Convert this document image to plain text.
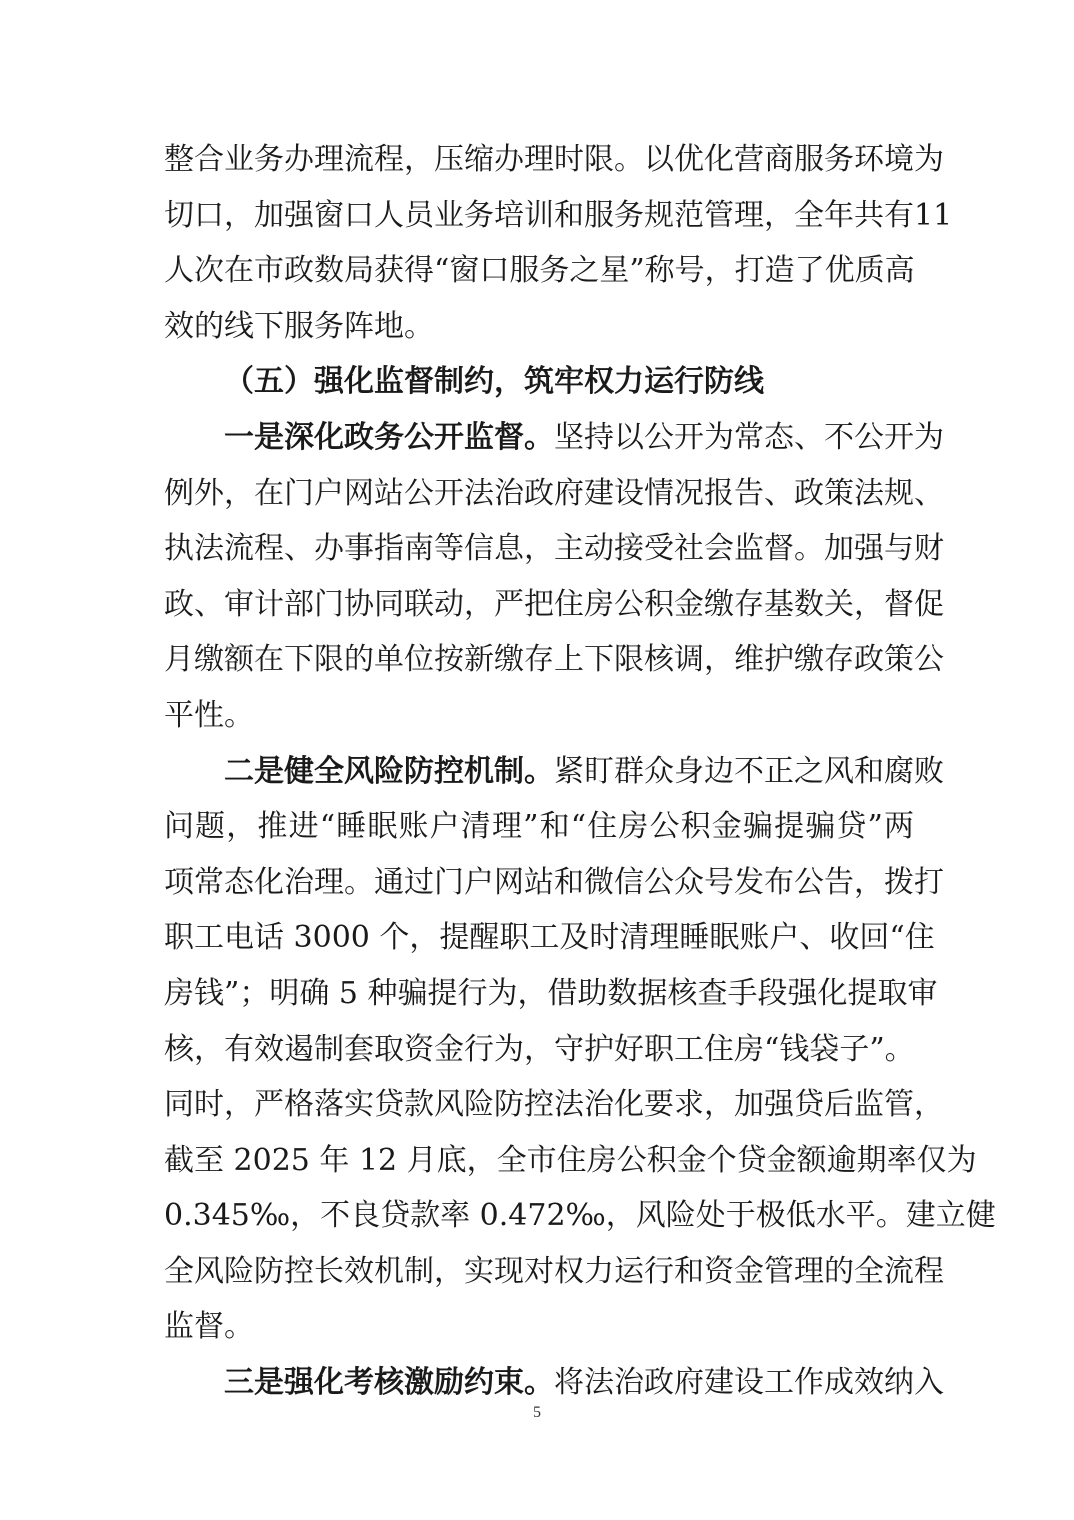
整合业务办理流程，压缩办理时限。以优化营商服务环境为
切口，加强窗口人员业务培训和服务规范管理，全年共有11
人次在市政数局获得“窗口服务之星”称号，打造了优质高
效的线下服务阵地。
（五）强化监督制约，筑牢权力运行防线
一是深化政务公开监督。坚持以公开为常态、不公开为
例外，在门户网站公开法治政府建设情况报告、政策法规、
执法流程、办事指南等信息，主动接受社会监督。加强与财
政、审计部门协同联动，严把住房公积金缴存基数关，督促
月缴额在下限的单位按新缴存上下限核调，维护缴存政策公
平性。
二是健全风险防控机制。紧盯群众身边不正之风和腐败
问题，推进“睡眠账户清理”和“住房公积金骗提骗贷”两
项常态化治理。通过门户网站和微信公众号发布公告，拨打
职工电话 3000 个，提醒职工及时清理睡眠账户、收回“住
房钱”；明确 5 种骗提行为，借助数据核查手段强化提取审
核，有效遏制套取资金行为，守护好职工住房“钱袋子”。
同时，严格落实贷款风险防控法治化要求，加强贷后监管，
截至 2025 年 12 月底，全市住房公积金个贷金额逾期率仅为
0.345‰，不良贷款率 0.472‰，风险处于极低水平。建立健
全风险防控长效机制，实现对权力运行和资金管理的全流程
监督。
三是强化考核激励约束。将法治政府建设工作成效纳入
5
